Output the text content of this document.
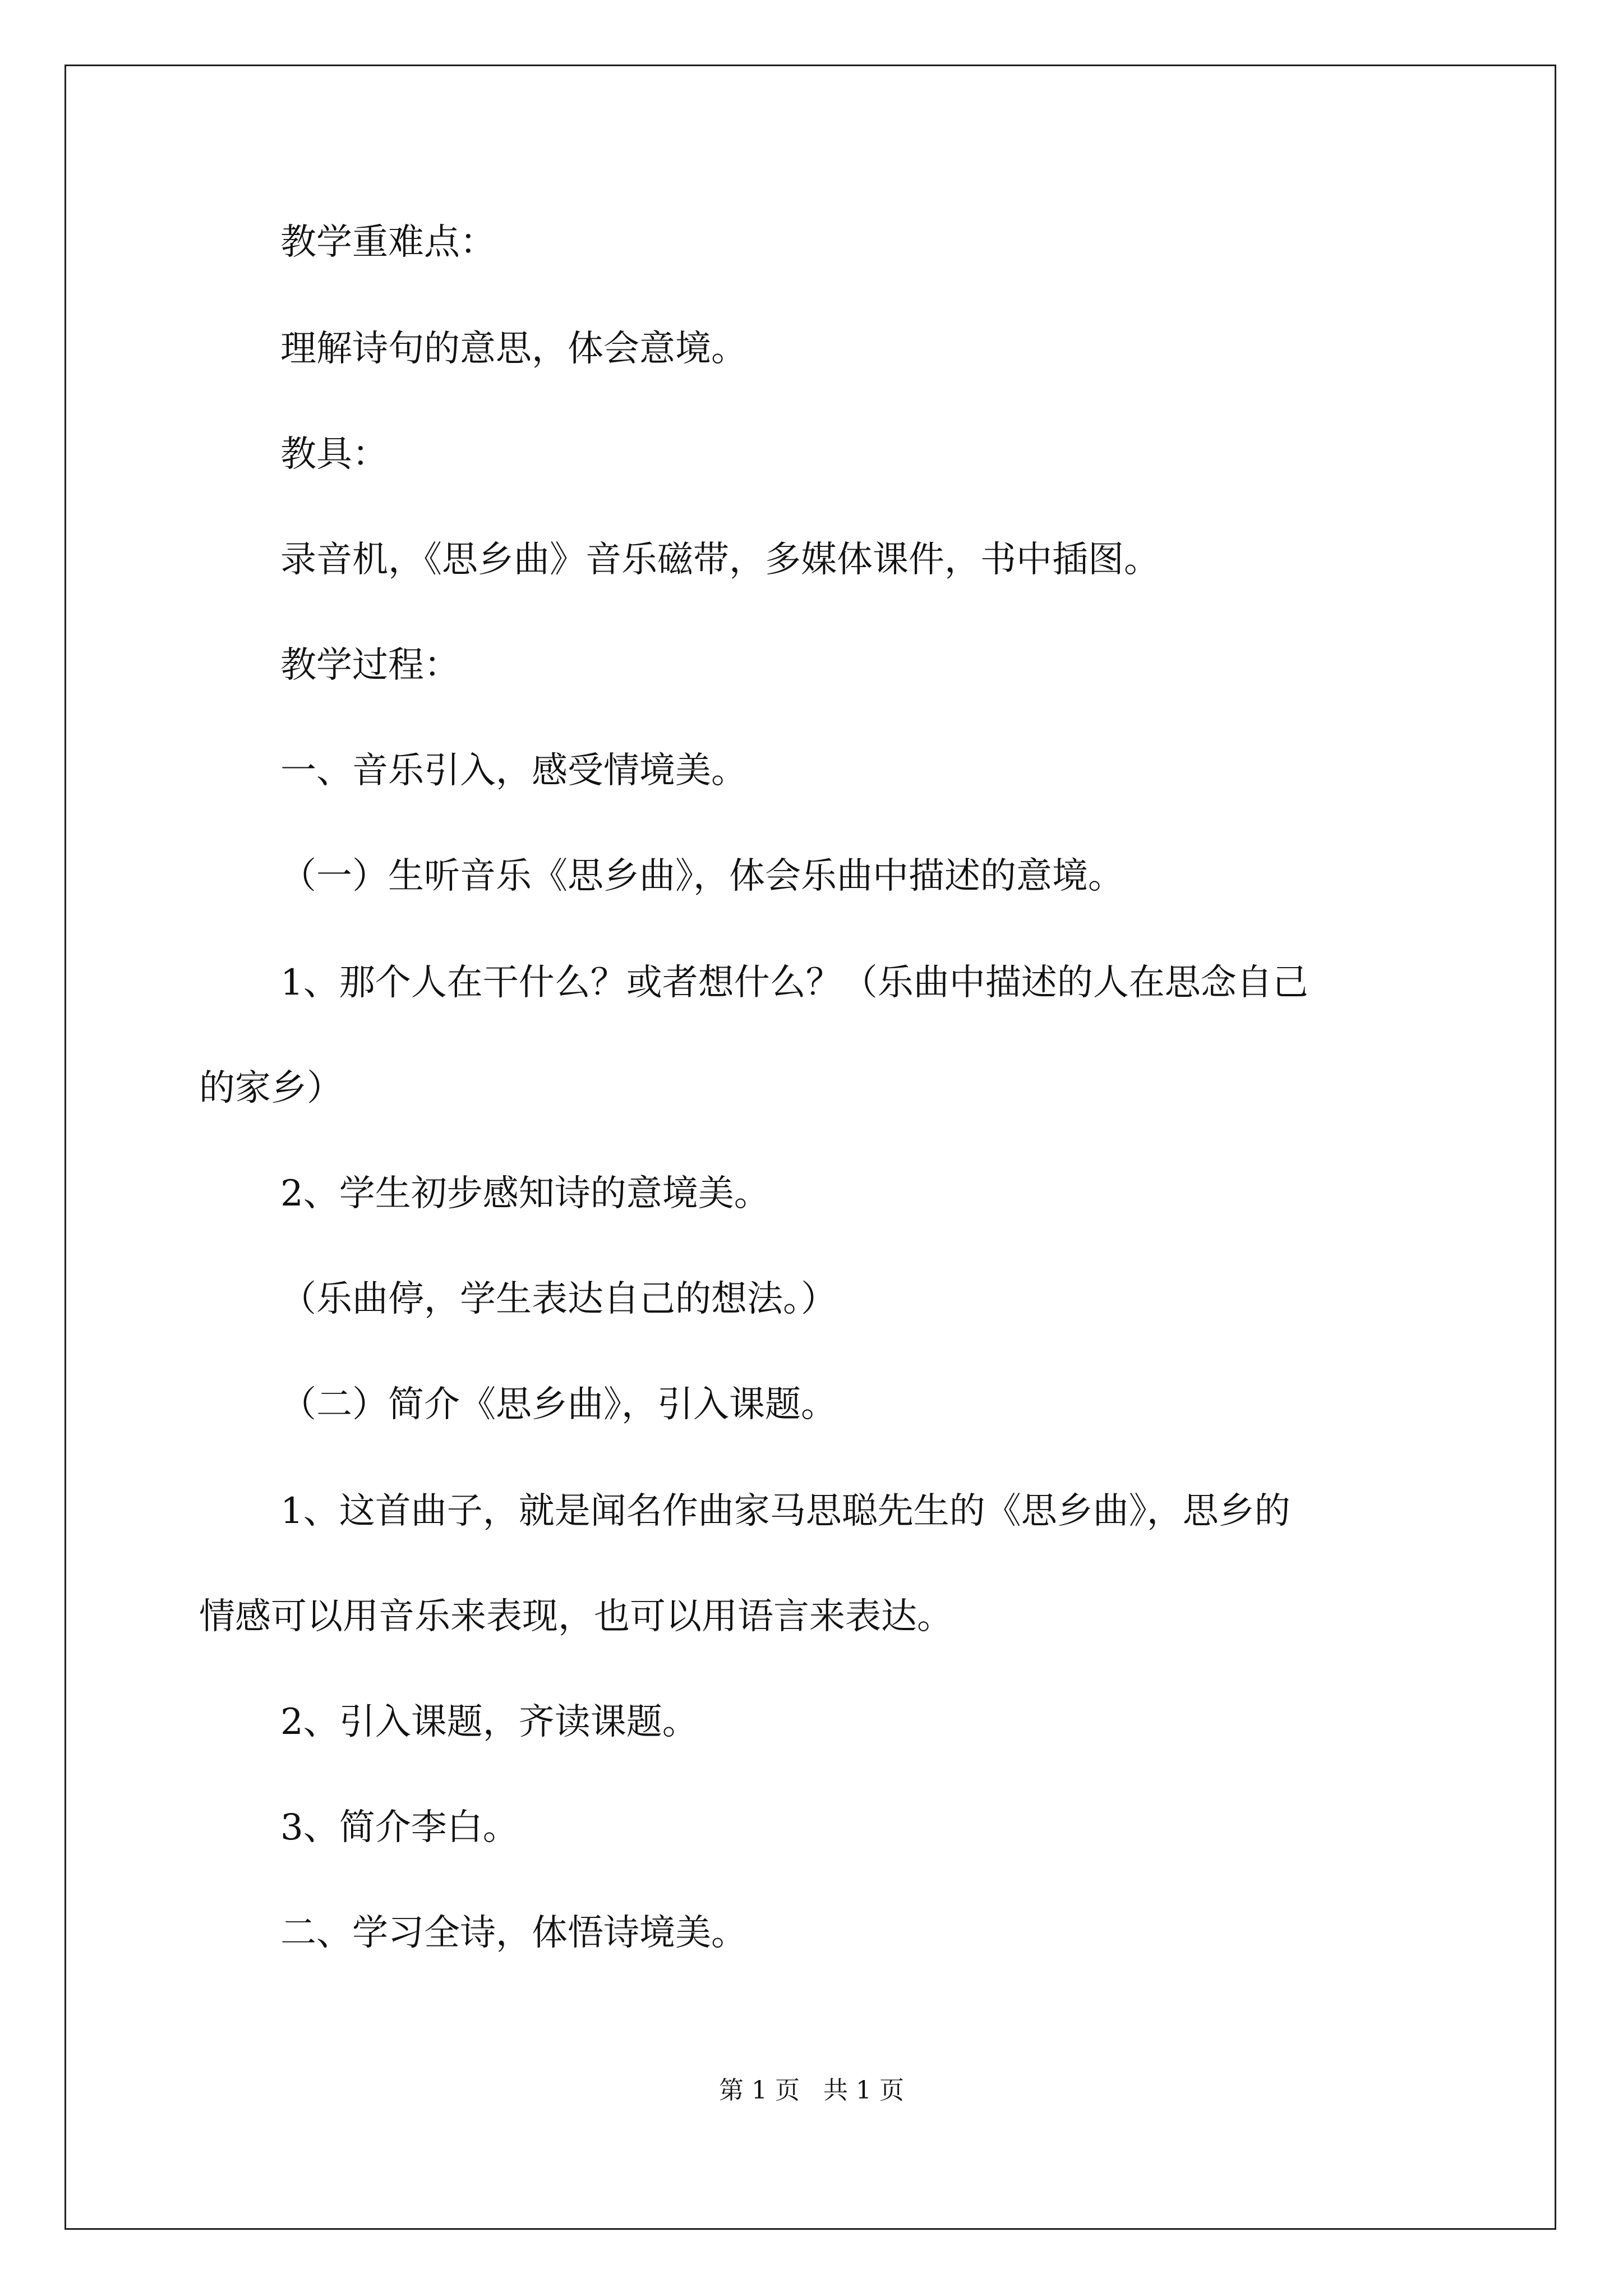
教学重难点：

理解诗句的意思，体会意境。

教具：

录音机，《思乡曲》音乐磁带，多媒体课件，书中插图。

教学过程：

一、音乐引入，感受情境美。

（一）生听音乐《思乡曲》，体会乐曲中描述的意境。

1、那个人在干什么？或者想什么？（乐曲中描述的人在思念自己

的家乡）

2、学生初步感知诗的意境美。

（乐曲停，学生表达自己的想法。）

（二）简介《思乡曲》，引入课题。

1、这首曲子，就是闻名作曲家马思聪先生的《思乡曲》，思乡的

情感可以用音乐来表现，也可以用语言来表达。

2、引入课题，齐读课题。

3、简介李白。

二、学习全诗，体悟诗境美。

第 1 页   共 1 页
